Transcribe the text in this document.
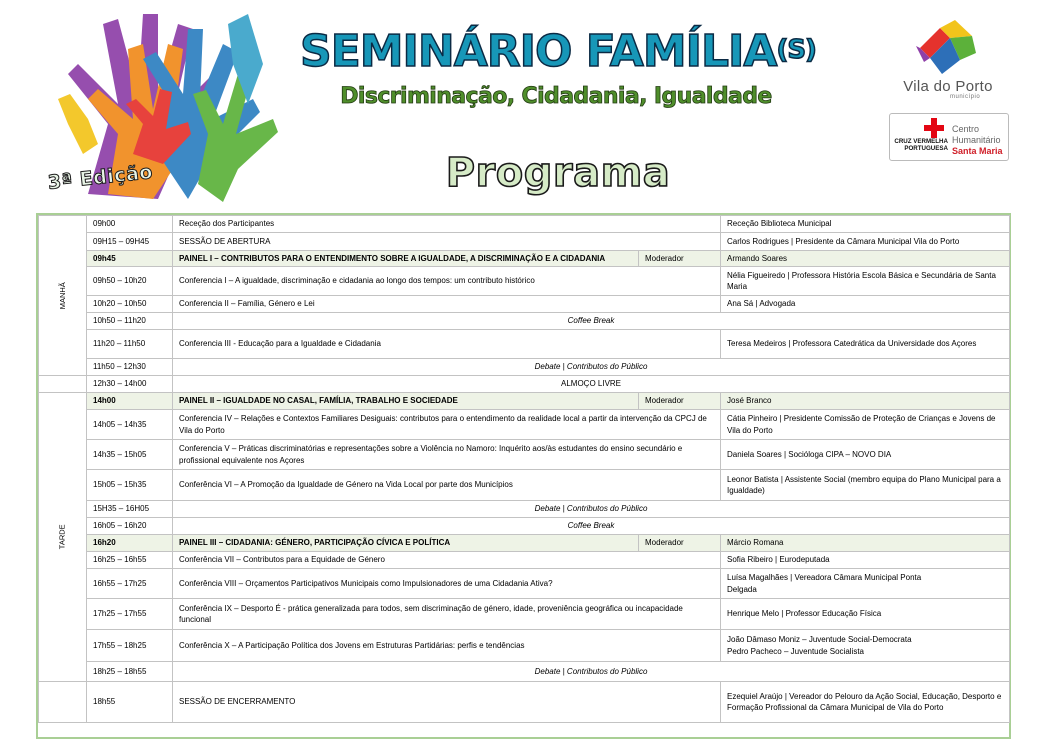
3ª Edição
SEMINÁRIO FAMÍLIA(S)
Discriminação, Cidadania, Igualdade
Programa
Vila do Porto
município
CRUZ VERMELHA PORTUGUESA
Centro
Humanitário
Santa Maria
MANHÃ	09h00	Receção dos Participantes		Receção Biblioteca Municipal
	09H15 – 09H45	SESSÃO DE ABERTURA		Carlos Rodrigues | Presidente da Câmara Municipal Vila do Porto
	09h45	PAINEL I – CONTRIBUTOS PARA O ENTENDIMENTO SOBRE A IGUALDADE, A DISCRIMINAÇÃO E A CIDADANIA	Moderador	Armando Soares
	09h50 – 10h20	Conferencia I – A igualdade, discriminação e cidadania ao longo dos tempos: um contributo histórico		Nélia Figueiredo | Professora História Escola Básica e Secundária de Santa Maria
	10h20 – 10h50	Conferencia II – Família, Género e Lei		Ana Sá | Advogada
	10h50 – 11h20	Coffee Break		
	11h20 – 11h50	Conferencia III - Educação para a Igualdade e Cidadania		Teresa Medeiros | Professora Catedrática da Universidade dos Açores
	11h50 – 12h30	Debate | Contributos do Público		
	12h30 – 14h00	ALMOÇO LIVRE		
TARDE	14h00	PAINEL II – IGUALDADE NO CASAL, FAMÍLIA, TRABALHO E SOCIEDADE	Moderador	José Branco
	14h05 – 14h35	Conferencia IV – Relações e Contextos Familiares Desiguais: contributos para o entendimento da realidade local a partir da intervenção da CPCJ de Vila do Porto		Cátia Pinheiro | Presidente Comissão de Proteção de Crianças e Jovens de Vila do Porto
	14h35 – 15h05	Conferencia V – Práticas discriminatórias e representações sobre a Violência no Namoro: Inquérito aos/às estudantes do ensino secundário e profissional equivalente nos Açores		Daniela Soares | Socióloga CIPA – NOVO DIA
	15h05 – 15h35	Conferência VI – A Promoção da Igualdade de Género na Vida Local por parte dos Municípios		Leonor Batista | Assistente Social (membro equipa do Plano Municipal para a Igualdade)
	15H35 – 16H05	Debate | Contributos do Público		
	16h05 – 16h20	Coffee Break		
	16h20	PAINEL III – CIDADANIA: GÉNERO, PARTICIPAÇÃO CÍVICA E POLÍTICA	Moderador	Márcio Romana
	16h25 – 16h55	Conferência VII – Contributos para a Equidade de Género		Sofia Ribeiro | Eurodeputada
	16h55 – 17h25	Conferência VIII – Orçamentos Participativos Municipais como Impulsionadores de uma Cidadania Ativa?		Luísa Magalhães | Vereadora Câmara Municipal Ponta
Delgada

	17h25 – 17h55	Conferência IX – Desporto É - prática generalizada para todos, sem discriminação de género, idade, proveniência geográfica ou incapacidade funcional		Henrique Melo | Professor Educação Física
	17h55 – 18h25	Conferência X – A Participação Política dos Jovens em Estruturas Partidárias: perfis e tendências		João Dâmaso Moniz – Juventude Social-Democrata
Pedro Pacheco – Juventude Socialista

	18h25 – 18h55	Debate | Contributos do Público		
	18h55	SESSÃO DE ENCERRAMENTO		Ezequiel Araújo | Vereador do Pelouro da Ação Social, Educação, Desporto e Formação Profissional da Câmara Municipal de Vila do Porto
